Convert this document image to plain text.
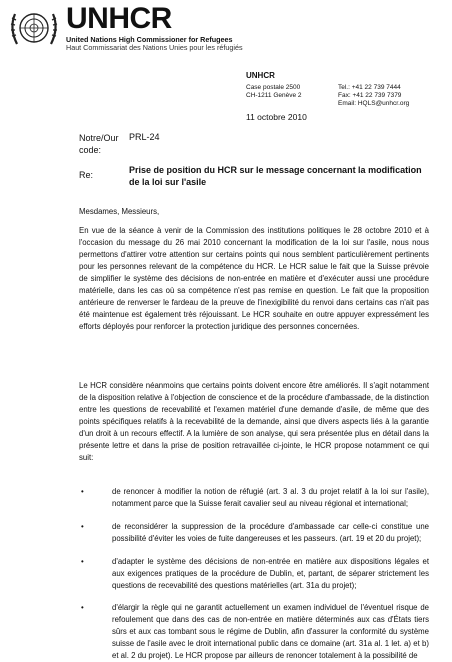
UNHCR
United Nations High Commissioner for Refugees
Haut Commissariat des Nations Unies pour les réfugiés
UNHCR
Case postale 2500
CH-1211 Genève 2
Tel.: +41 22 739 7444
Fax: +41 22 739 7379
Email: HQLS@unhcr.org
11 octobre 2010
Notre/Our code:
PRL-24
Re:	Prise de position du HCR sur le message concernant la modification de la loi sur l'asile
Mesdames, Messieurs,
En vue de la séance à venir de la Commission des institutions politiques le 28 octobre 2010 et à l'occasion du message du 26 mai 2010 concernant la modification de la loi sur l'asile, nous nous permettons d'attirer votre attention sur certains points qui nous semblent particulièrement pertinents pour les personnes relevant de la compétence du HCR. Le HCR salue le fait que la Suisse prévoie de simplifier le système des décisions de non-entrée en matière et d'exécuter aussi une procédure matérielle, dans les cas où sa compétence n'est pas remise en question. Le fait que la proposition antérieure de renverser le fardeau de la preuve de l'inexigibilité du renvoi dans certains cas n'ait pas été maintenue est également très réjouissant. Le HCR souhaite en outre appuyer expressément les efforts déployés pour renforcer la protection juridique des personnes concernées.
Le HCR considère néanmoins que certains points doivent encore être améliorés. Il s'agit notamment de la disposition relative à l'objection de conscience et de la procédure d'ambassade, de la distinction entre les questions de recevabilité et l'examen matériel d'une demande d'asile, de même que des points spécifiques relatifs à la recevabilité de la demande, ainsi que divers aspects liés à la garantie d'un droit à un recours effectif. A la lumière de son analyse, qui sera présentée plus en détail dans la présente lettre et dans la prise de position retravaillée ci-jointe, le HCR propose notamment ce qui suit:
•	de renoncer à modifier la notion de réfugié (art. 3 al. 3 du projet relatif à la loi sur l'asile), notamment parce que la Suisse ferait cavalier seul au niveau régional et international;
•	de reconsidérer la suppression de la procédure d'ambassade car celle-ci constitue une possibilité d'éviter les voies de fuite dangereuses et les passeurs. (art. 19 et 20 du projet);
•	d'adapter le système des décisions de non-entrée en matière aux dispositions légales et aux exigences pratiques de la procédure de Dublin, et, partant, de séparer strictement les questions de recevabilité des questions matérielles (art. 31a du projet);
•	d'élargir la règle qui ne garantit actuellement un examen individuel de l'éventuel risque de refoulement que dans des cas de non-entrée en matière déterminés aux cas d'États tiers sûrs et aux cas tombant sous le régime de Dublin, afin d'assurer la conformité du système suisse de l'asile avec le droit international public dans ce domaine (art. 31a al. 1 let. a) et b) et al. 2 du projet). Le HCR propose par ailleurs de renoncer totalement à la possibilité de
